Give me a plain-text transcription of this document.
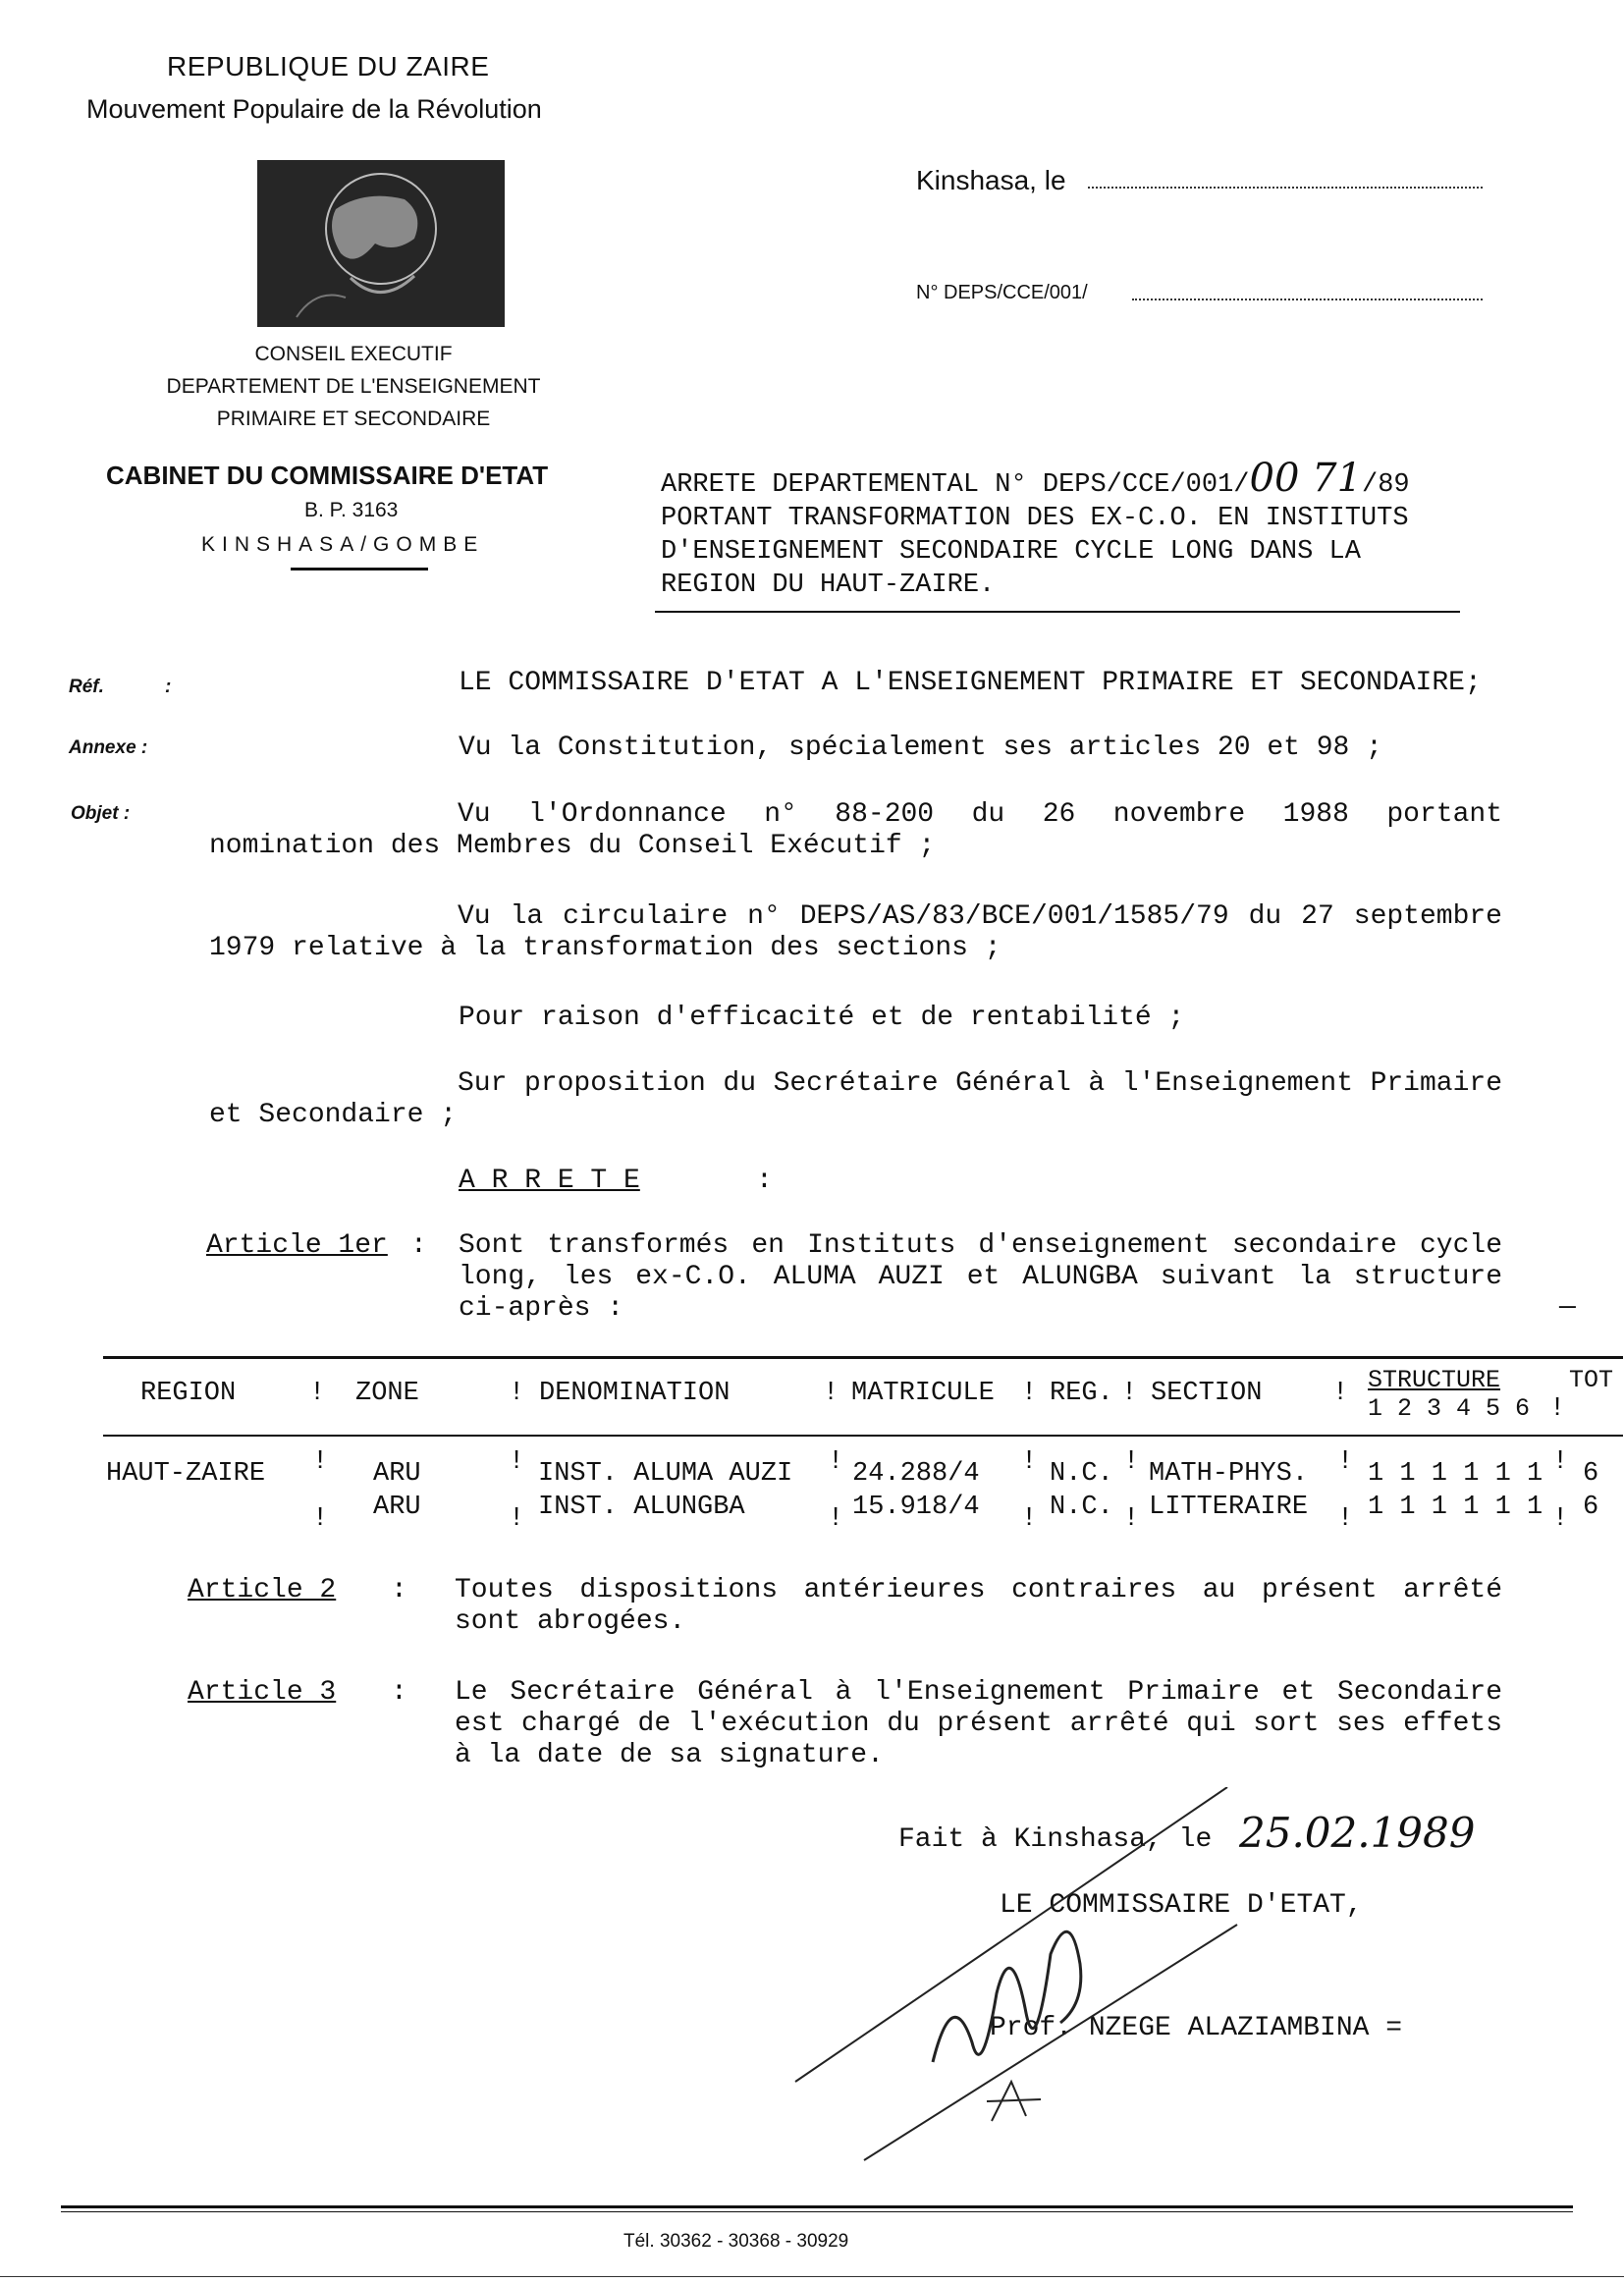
REPUBLIQUE DU ZAIRE
Mouvement Populaire de la Révolution
CONSEIL EXECUTIF
DEPARTEMENT DE L'ENSEIGNEMENT
PRIMAIRE ET SECONDAIRE
CABINET DU COMMISSAIRE D'ETAT
B. P. 3163
KINSHASA/GOMBE
Kinshasa, le
N° DEPS/CCE/001/
ARRETE DEPARTEMENTAL N° DEPS/CCE/001/00 71/89
PORTANT TRANSFORMATION DES EX-C.O. EN INSTITUTS
D'ENSEIGNEMENT SECONDAIRE CYCLE LONG DANS LA
REGION DU HAUT-ZAIRE.
Réf.	:
Annexe :
Objet :
LE COMMISSAIRE D'ETAT A L'ENSEIGNEMENT PRIMAIRE ET SECONDAIRE;
Vu la Constitution, spécialement ses articles 20 et 98 ;
Vu l'Ordonnance n° 88-200 du 26 novembre 1988 portant nomination des Membres du Conseil Exécutif ;
Vu la circulaire n° DEPS/AS/83/BCE/001/1585/79 du 27 septembre 1979 relative à la transformation des sections ;
Pour raison d'efficacité et de rentabilité ;
Sur proposition du Secrétaire Général à l'Enseignement Primaire et Secondaire ;
A R R E T E	:
Article 1er : Sont transformés en Instituts d'enseignement secondaire cycle long, les ex-C.O. ALUMA AUZI et ALUNGBA suivant la structure ci-après :	—
REGION	! ZONE	! DENOMINATION	! MATRICULE ! REG. ! SECTION	! STRUCTURE
1 2 3 4 5 6 !
TOT
HAUT-ZAIRE ! ARU	! INST. ALUMA AUZI ! 24.288/4 ! N.C. ! MATH-PHYS. ! 1 1 1 1 1 1 ! 6
! ARU	! INST. ALUNGBA	! 15.918/4 ! N.C. ! LITTERAIRE ! 1 1 1 1 1 1 ! 6
Article 2 : Toutes dispositions antérieures contraires au présent arrêté sont abrogées.
Article 3 : Le Secrétaire Général à l'Enseignement Primaire et Secondaire est chargé de l'exécution du présent arrêté qui sort ses effets à la date de sa signature.
Fait à Kinshasa, le 25.02.1989
LE COMMISSAIRE D'ETAT,
Prof. NZEGE ALAZIAMBINA =
Tél. 30362 - 30368 - 30929
